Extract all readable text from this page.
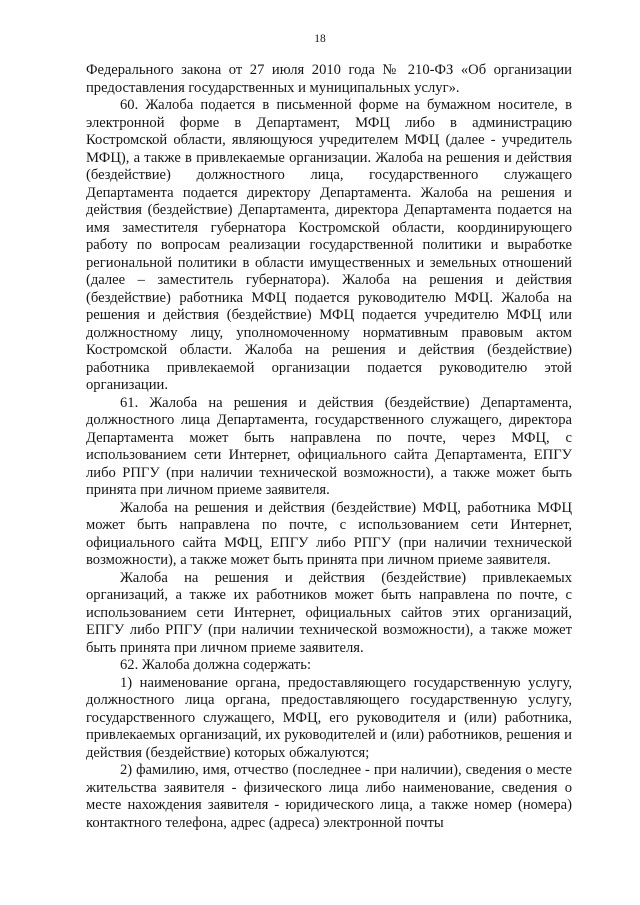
18

Федерального закона от 27 июля 2010 года № 210-ФЗ «Об организации предоставления государственных и муниципальных услуг».

60. Жалоба подается в письменной форме на бумажном носителе, в электронной форме в Департамент, МФЦ либо в администрацию Костромской области, являющуюся учредителем МФЦ (далее - учредитель МФЦ), а также в привлекаемые организации. Жалоба на решения и действия (бездействие) должностного лица, государственного служащего Департамента подается директору Департамента. Жалоба на решения и действия (бездействие) Департамента, директора Департамента подается на имя заместителя губернатора Костромской области, координирующего работу по вопросам реализации государственной политики и выработке региональной политики в области имущественных и земельных отношений (далее – заместитель губернатора). Жалоба на решения и действия (бездействие) работника МФЦ подается руководителю МФЦ. Жалоба на решения и действия (бездействие) МФЦ подается учредителю МФЦ или должностному лицу, уполномоченному нормативным правовым актом Костромской области. Жалоба на решения и действия (бездействие) работника привлекаемой организации подается руководителю этой организации.

61. Жалоба на решения и действия (бездействие) Департамента, должностного лица Департамента, государственного служащего, директора Департамента может быть направлена по почте, через МФЦ, с использованием сети Интернет, официального сайта Департамента, ЕПГУ либо РПГУ (при наличии технической возможности), а также может быть принята при личном приеме заявителя.

Жалоба на решения и действия (бездействие) МФЦ, работника МФЦ может быть направлена по почте, с использованием сети Интернет, официального сайта МФЦ, ЕПГУ либо РПГУ (при наличии технической возможности), а также может быть принята при личном приеме заявителя.

Жалоба на решения и действия (бездействие) привлекаемых организаций, а также их работников может быть направлена по почте, с использованием сети Интернет, официальных сайтов этих организаций, ЕПГУ либо РПГУ (при наличии технической возможности), а также может быть принята при личном приеме заявителя.

62. Жалоба должна содержать:

1) наименование органа, предоставляющего государственную услугу, должностного лица органа, предоставляющего государственную услугу, государственного служащего, МФЦ, его руководителя и (или) работника, привлекаемых организаций, их руководителей и (или) работников, решения и действия (бездействие) которых обжалуются;

2) фамилию, имя, отчество (последнее - при наличии), сведения о месте жительства заявителя - физического лица либо наименование, сведения о месте нахождения заявителя - юридического лица, а также номер (номера) контактного телефона, адрес (адреса) электронной почты
